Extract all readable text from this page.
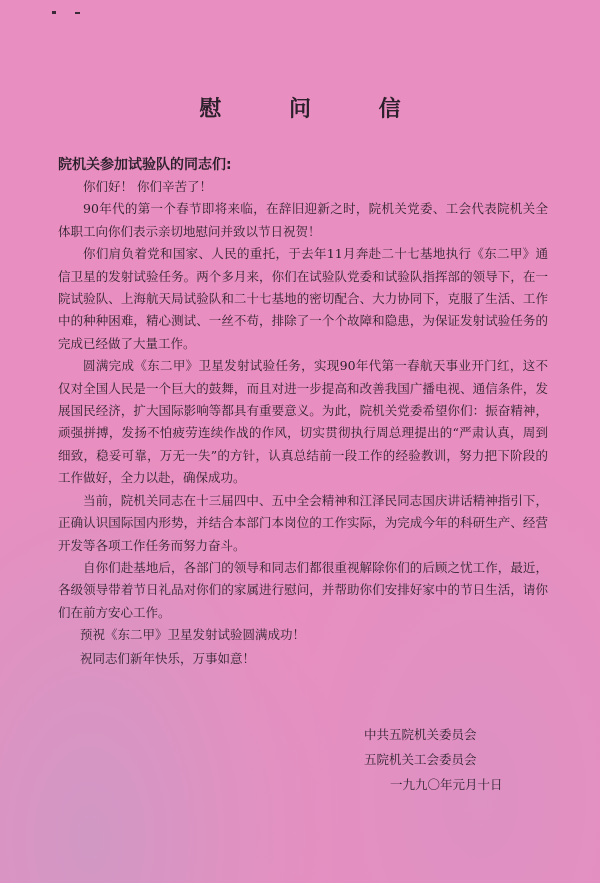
慰 问 信
院机关参加试验队的同志们:

你们好！ 你们辛苦了！

90年代的第一个春节即将来临，在辞旧迎新之时，院机关党委、工会代表院机关全体职工向你们表示亲切地慰问并致以节日祝贺！

你们肩负着党和国家、人民的重托，于去年11月奔赴二十七基地执行《东二甲》通信卫星的发射试验任务。两个多月来，你们在试验队党委和试验队指挥部的领导下，在一院试验队、上海航天局试验队和二十七基地的密切配合、大力协同下，克服了生活、工作中的种种困难，精心测试、一丝不苟，排除了一个个故障和隐患，为保证发射试验任务的完成已经做了大量工作。

圆满完成《东二甲》卫星发射试验任务，实现90年代第一春航天事业开门红，这不仅对全国人民是一个巨大的鼓舞，而且对进一步提高和改善我国广播电视、通信条件，发展国民经济，扩大国际影响等都具有重要意义。为此，院机关党委希望你们：振奋精神，顽强拼搏，发扬不怕疲劳连续作战的作风，切实贯彻执行周总理提出的“严肃认真，周到细致，稳妥可靠，万无一失”的方针，认真总结前一段工作的经验教训，努力把下阶段的工作做好，全力以赴，确保成功。

当前，院机关同志在十三届四中、五中全会精神和江泽民同志国庆讲话精神指引下，正确认识国际国内形势，并结合本部门本岗位的工作实际，为完成今年的科研生产、经营开发等各项工作任务而努力奋斗。

自你们赴基地后，各部门的领导和同志们都很重视解除你们的后顾之忧工作，最近，各级领导带着节日礼品对你们的家属进行慰问，并帮助你们安排好家中的节日生活，请你们在前方安心工作。

预祝《东二甲》卫星发射试验圆满成功！
祝同志们新年快乐，万事如意！
中共五院机关委员会
五院机关工会委员会
一九九〇年元月十日
